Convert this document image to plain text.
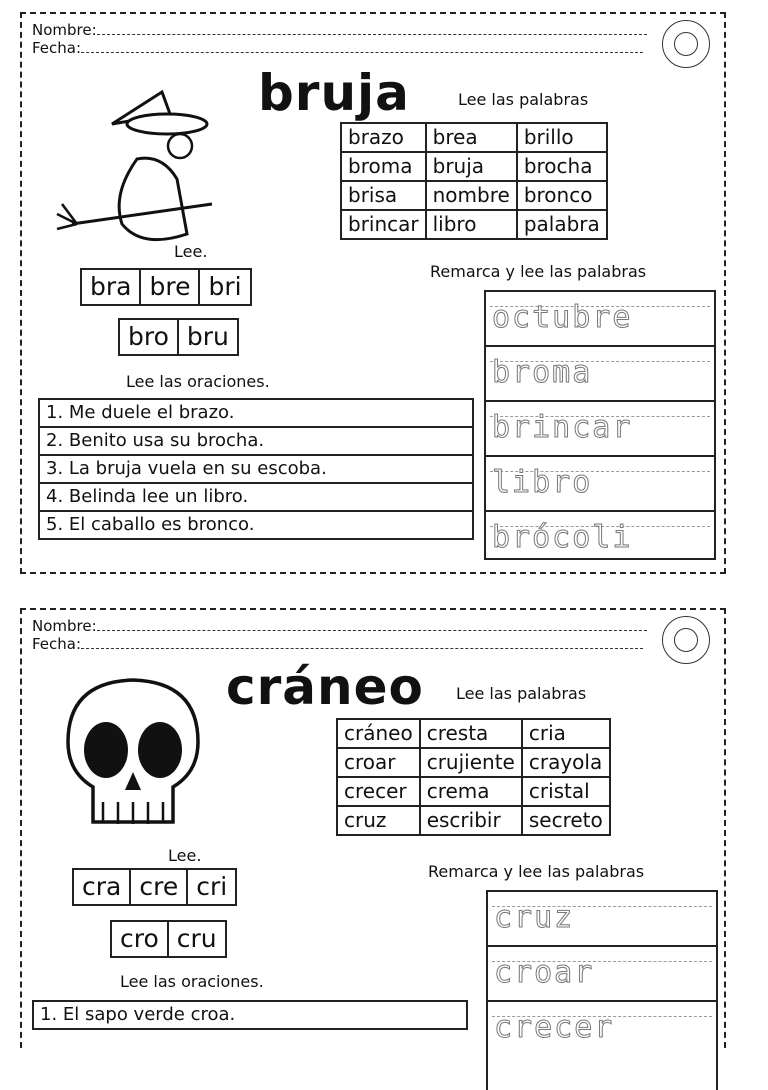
Nombre:
Fecha:
bruja	Lee las palabras
brazo	brea	brillo
broma	bruja	brocha
brisa	nombre	bronco
brincar	libro	palabra
Lee.
bra bre bri
bro bru
Remarca y lee las palabras
octubre
broma
brincar
libro
brócoli
Lee las oraciones.
1. Me duele el brazo.
2. Benito usa su brocha.
3. La bruja vuela en su escoba.
4. Belinda lee un libro.
5. El caballo es bronco.
Nombre:
Fecha:
cráneo Lee las palabras
cráneo	cresta	cria
croar	crujiente	crayola
crecer	crema	cristal
cruz	escribir	secreto
Lee.
cra cre cri
cro cru
Remarca y lee las palabras
cruz
croar
crecer
Lee las oraciones.
1. El sapo verde croa.
